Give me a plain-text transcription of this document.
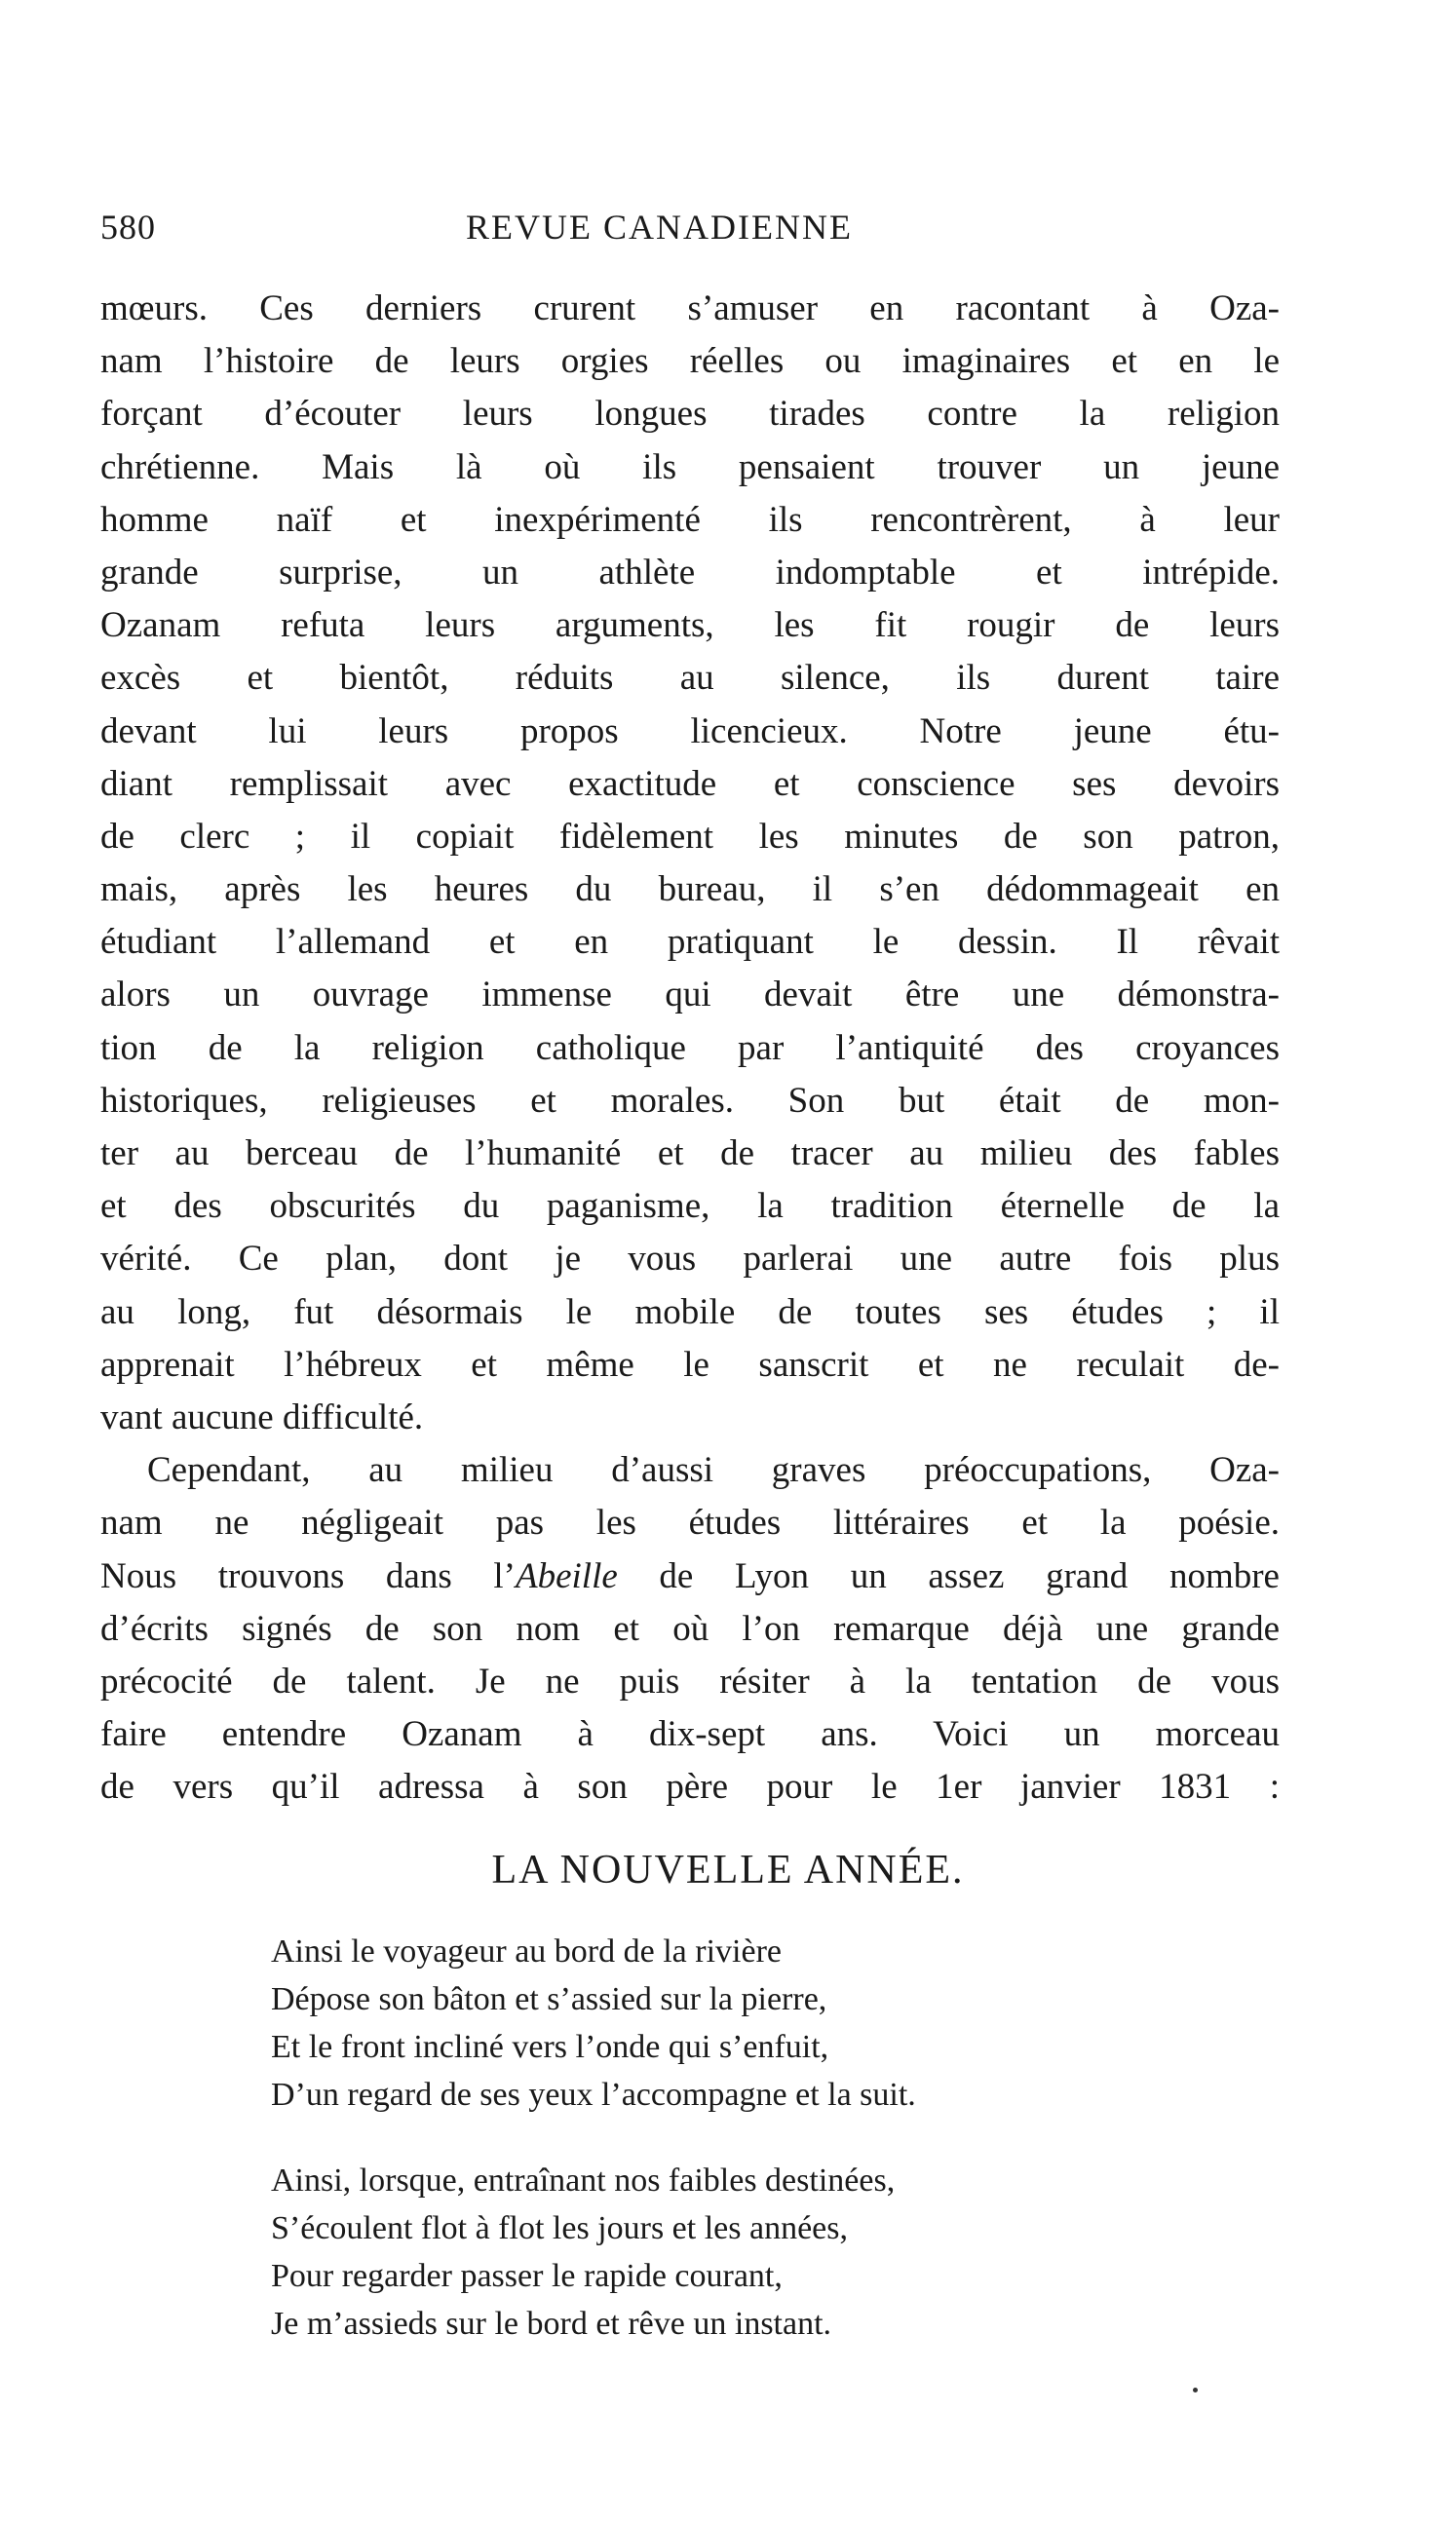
580	REVUE CANADIENNE
mœurs. Ces derniers crurent s’amuser en racontant à Oza-
nam l’histoire de leurs orgies réelles ou imaginaires et en le
forçant d’écouter leurs longues tirades contre la religion
chrétienne. Mais là où ils pensaient trouver un jeune
homme naïf et inexpérimenté ils rencontrèrent, à leur
grande surprise, un athlète indomptable et intrépide.
Ozanam refuta leurs arguments, les fit rougir de leurs
excès et bientôt, réduits au silence, ils durent taire
devant lui leurs propos licencieux. Notre jeune étu-
diant remplissait avec exactitude et conscience ses devoirs
de clerc ; il copiait fidèlement les minutes de son patron,
mais, après les heures du bureau, il s’en dédommageait en
étudiant l’allemand et en pratiquant le dessin. Il rêvait
alors un ouvrage immense qui devait être une démonstra-
tion de la religion catholique par l’antiquité des croyances
historiques, religieuses et morales. Son but était de mon-
ter au berceau de l’humanité et de tracer au milieu des fables
et des obscurités du paganisme, la tradition éternelle de la
vérité. Ce plan, dont je vous parlerai une autre fois plus
au long, fut désormais le mobile de toutes ses études ; il
apprenait l’hébreux et même le sanscrit et ne reculait de-
vant aucune difficulté.
Cependant, au milieu d’aussi graves préoccupations, Oza-
nam ne négligeait pas les études littéraires et la poésie.
Nous trouvons dans l’Abeille de Lyon un assez grand nombre
d’écrits signés de son nom et où l’on remarque déjà une grande
précocité de talent. Je ne puis résiter à la tentation de vous
faire entendre Ozanam à dix-sept ans. Voici un morceau
de vers qu’il adressa à son père pour le 1er janvier 1831 :
LA NOUVELLE ANNÉE.
Ainsi le voyageur au bord de la rivière
Dépose son bâton et s’assied sur la pierre,
Et le front incliné vers l’onde qui s’enfuit,
D’un regard de ses yeux l’accompagne et la suit.
Ainsi, lorsque, entraînant nos faibles destinées,
S’écoulent flot à flot les jours et les années,
Pour regarder passer le rapide courant,
Je m’assieds sur le bord et rêve un instant.
